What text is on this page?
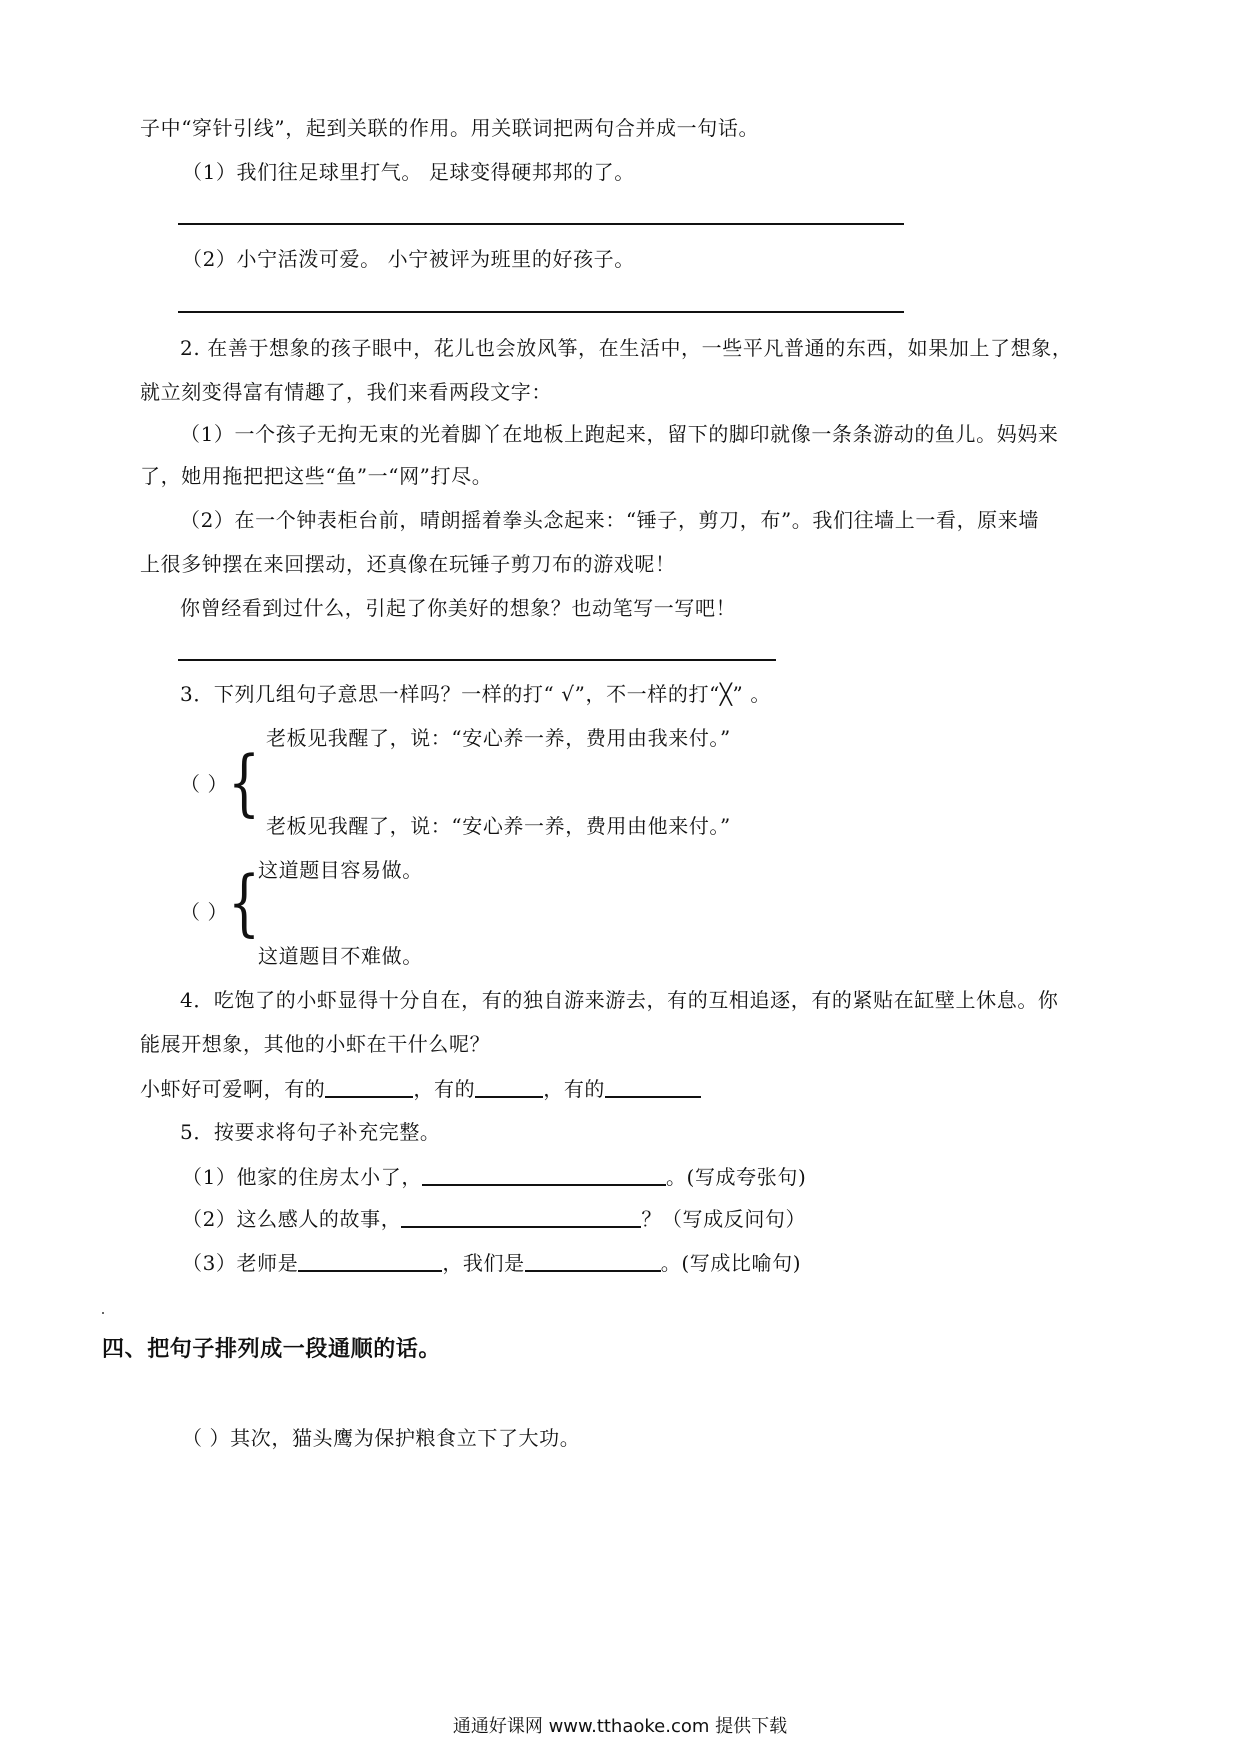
子中“穿针引线”，起到关联的作用。用关联词把两句合并成一句话。
（1）我们往足球里打气。 足球变得硬邦邦的了。
（2）小宁活泼可爱。 小宁被评为班里的好孩子。
2. 在善于想象的孩子眼中，花儿也会放风筝，在生活中，一些平凡普通的东西，如果加上了想象，
就立刻变得富有情趣了，我们来看两段文字：
（1）一个孩子无拘无束的光着脚丫在地板上跑起来，留下的脚印就像一条条游动的鱼儿。妈妈来
了，她用拖把把这些“鱼”一“网”打尽。
（2）在一个钟表柜台前，晴朗摇着拳头念起来：“锤子，剪刀，布”。我们往墙上一看，原来墙
上很多钟摆在来回摆动，还真像在玩锤子剪刀布的游戏呢！
你曾经看到过什么，引起了你美好的想象？也动笔写一写吧！
3．下列几组句子意思一样吗？一样的打“ √”，不一样的打“╳” 。
老板见我醒了，说：“安心养一养，费用由我来付。”
（ ） {
老板见我醒了，说：“安心养一养，费用由他来付。”
这道题目容易做。
（ ） {
这道题目不难做。
4．吃饱了的小虾显得十分自在，有的独自游来游去，有的互相追逐，有的紧贴在缸壁上休息。你
能展开想象，其他的小虾在干什么呢？
小虾好可爱啊，有的	，有的	，有的
5．按要求将句子补充完整。
（1）他家的住房太小了，	。(写成夸张句)
（2）这么感人的故事，	？（写成反问句）
（3）老师是	，我们是	。(写成比喻句)
四、把句子排列成一段通顺的话。
（ ）其次，猫头鹰为保护粮食立下了大功。
通通好课网 www.tthaoke.com 提供下载
